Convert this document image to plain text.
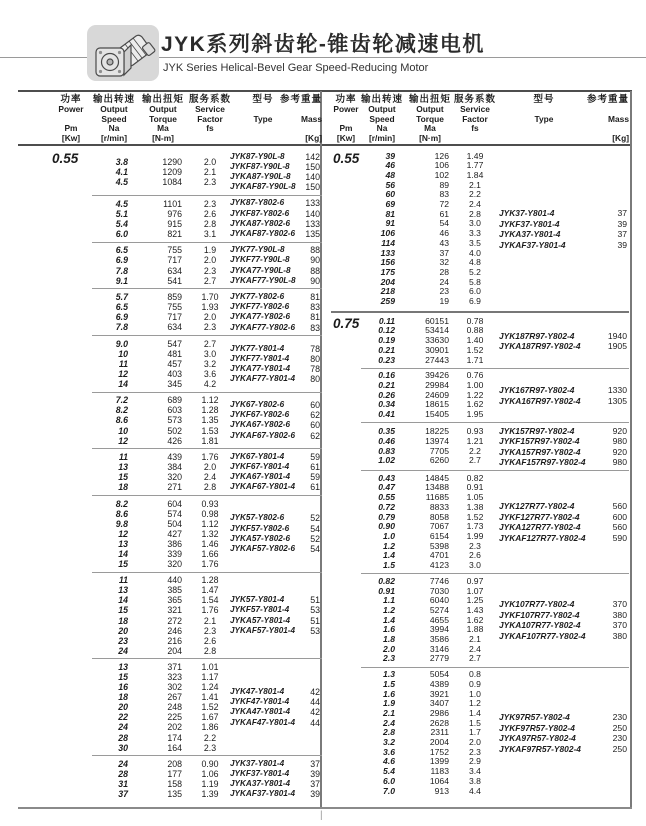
JYK系列斜齿轮-锥齿轮减速电机
JYK Series Helical-Bevel Gear Speed-Reducing Motor
|
功率
Power
Pm
[Kw]
输出转速
Output
Speed
Na
[r/min]
输出扭矩
Output
Torque
Ma
[N-m]
服务系数
Service
Factor
fs
型号
Type
参考重量
Mass
[Kg]
功率
Power
Pm
[Kw]
输出转速
Output
Speed
Na
[r/min]
输出扭矩
Output
Torque
Ma
[N·m]
服务系数
Service
Factor
fs
型号
Type
参考重量
Mass
[Kg]
0.55	3.8	1290	2.0
4.1	1209	2.1
4.5	1084	2.3
JYK87-Y90L-8	142
JYKF87-Y90L-8	150
JYKA87-Y90L-8	140
JYKAF87-Y90L-8	150
4.5	1101	2.3
5.1	976	2.6
5.4	915	2.8
6.0	821	3.1
JYK87-Y802-6	133
JYKF87-Y802-6	140
JYKA87-Y802-6	133
JYKAF87-Y802-6	135
6.5	755	1.9
6.9	717	2.0
7.8	634	2.3
9.1	541	2.7
JYK77-Y90L-8	88
JYKF77-Y90L-8	90
JYKA77-Y90L-8	88
JYKAF77-Y90L-8	90
5.7	859	1.70
6.5	755	1.93
6.9	717	2.0
7.8	634	2.3
JYK77-Y802-6	81
JYKF77-Y802-6	83
JYKA77-Y802-6	81
JYKAF77-Y802-6	83
9.0	547	2.7
10	481	3.0
11	457	3.2
12	403	3.6
14	345	4.2
JYK77-Y801-4	78
JYKF77-Y801-4	80
JYKA77-Y801-4	78
JYKAF77-Y801-4	80
7.2	689	1.12
8.2	603	1.28
8.6	573	1.35
10	502	1.53
12	426	1.81
JYK67-Y802-6	60
JYKF67-Y802-6	62
JYKA67-Y802-6	60
JYKAF67-Y802-6	62
11	439	1.76
13	384	2.0
15	320	2.4
18	271	2.8
JYK67-Y801-4	59
JYKF67-Y801-4	61
JYKA67-Y801-4	59
JYKAF67-Y801-4	61
8.2	604	0.93
8.6	574	0.98
9.8	504	1.12
12	427	1.32
13	386	1.46
14	339	1.66
15	320	1.76
JYK57-Y802-6	52
JYKF57-Y802-6	54
JYKA57-Y802-6	52
JYKAF57-Y802-6	54
11	440	1.28
13	385	1.47
14	365	1.54
15	321	1.76
18	272	2.1
20	246	2.3
23	216	2.6
24	204	2.8
JYK57-Y801-4	51
JYKF57-Y801-4	53
JYKA57-Y801-4	51
JYKAF57-Y801-4	53
13	371	1.01
15	323	1.17
16	302	1.24
18	267	1.41
20	248	1.52
22	225	1.67
24	202	1.86
28	174	2.2
30	164	2.3
JYK47-Y801-4	42
JYKF47-Y801-4	44
JYKA47-Y801-4	42
JYKAF47-Y801-4	44
24	208	0.90
28	177	1.06
31	158	1.19
37	135	1.39
JYK37-Y801-4	37
JYKF37-Y801-4	39
JYKA37-Y801-4	37
JYKAF37-Y801-4	39
0.55	39	126	1.49
46	106	1.77
48	102	1.84
56	89	2.1
60	83	2.2
69	72	2.4
81	61	2.8
91	54	3.0
106	46	3.3
114	43	3.5
133	37	4.0
156	32	4.8
175	28	5.2
204	24	5.8
218	23	6.0
259	19	6.9
JYK37-Y801-4	37
JYKF37-Y801-4	39
JYKA37-Y801-4	37
JYKAF37-Y801-4	39
0.75	0.11	60151	0.78
0.12	53414	0.88
0.19	33630	1.40
0.21	30901	1.52
0.23	27443	1.71
JYK187R97-Y802-4	1940
JYKA187R97-Y802-4	1905
0.16	39426	0.76
0.21	29984	1.00
0.26	24609	1.22
0.34	18615	1.62
0.41	15405	1.95
JYK167R97-Y802-4	1330
JYKA167R97-Y802-4	1305
0.35	18225	0.93
0.46	13974	1.21
0.83	7705	2.2
1.02	6260	2.7
JYK157R97-Y802-4	920
JYKF157R97-Y802-4	980
JYKA157R97-Y802-4	920
JYKAF157R97-Y802-4	980
0.43	14845	0.82
0.47	13488	0.91
0.55	11685	1.05
0.72	8833	1.38
0.79	8058	1.52
0.90	7067	1.73
1.0	6154	1.99
1.2	5398	2.3
1.4	4701	2.6
1.5	4123	3.0
JYK127R77-Y802-4	560
JYKF127R77-Y802-4	600
JYKA127R77-Y802-4	560
JYKAF127R77-Y802-4	590
0.82	7746	0.97
0.91	7030	1.07
1.1	6040	1.25
1.2	5274	1.43
1.4	4655	1.62
1.6	3994	1.88
1.8	3586	2.1
2.0	3146	2.4
2.3	2779	2.7
JYK107R77-Y802-4	370
JYKF107R77-Y802-4	380
JYKA107R77-Y802-4	370
JYKAF107R77-Y802-4	380
1.3	5054	0.8
1.5	4389	0.9
1.6	3921	1.0
1.9	3407	1.2
2.1	2986	1.4
2.4	2628	1.5
2.8	2311	1.7
3.2	2004	2.0
3.6	1752	2.3
4.6	1399	2.9
5.4	1183	3.4
6.0	1064	3.8
7.0	913	4.4
JYK97R57-Y802-4	230
JYKF97R57-Y802-4	250
JYKA97R57-Y802-4	230
JYKAF97R57-Y802-4	250
